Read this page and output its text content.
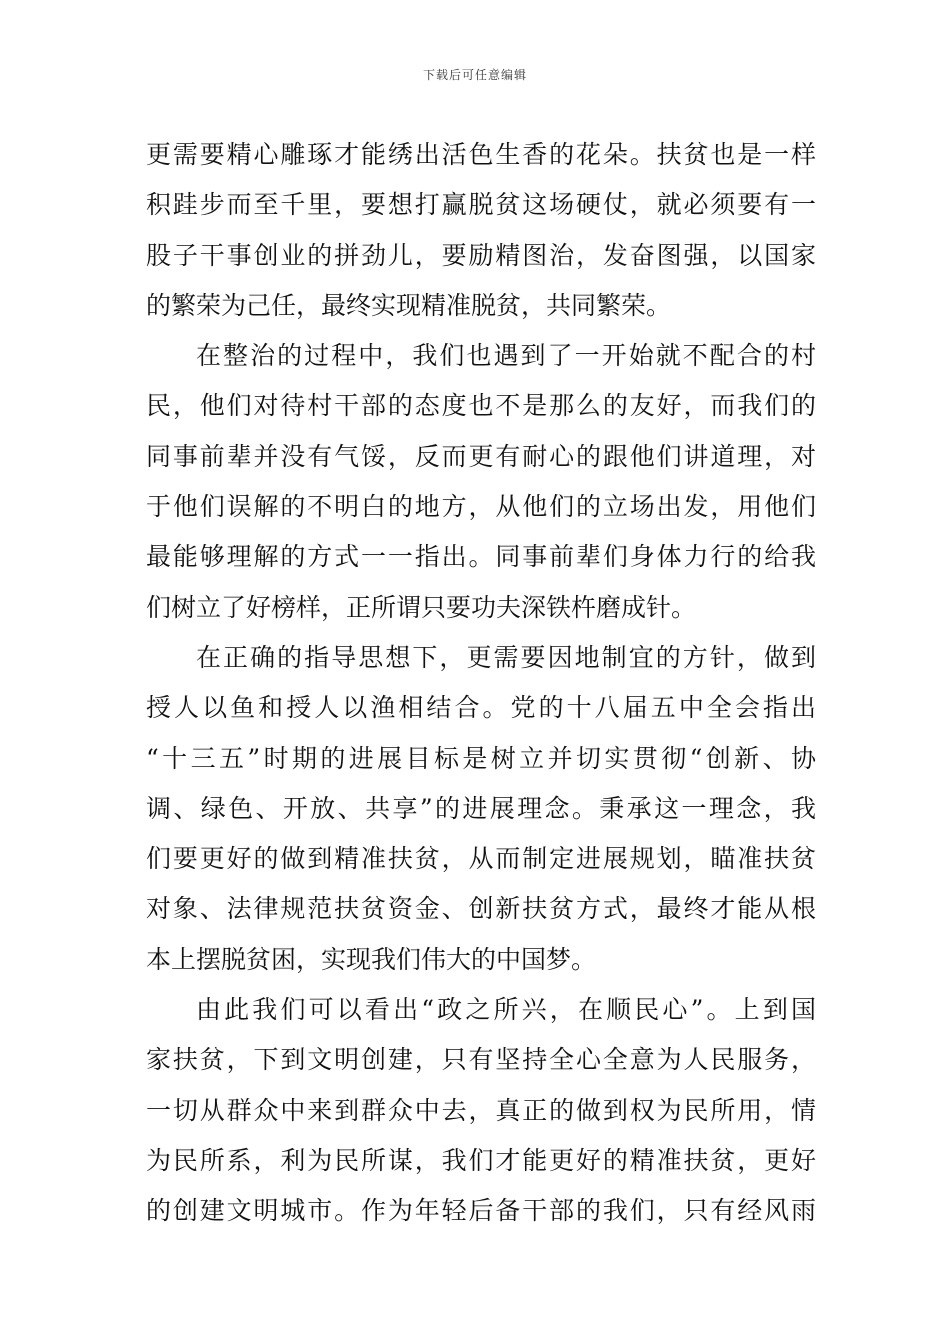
下载后可任意编辑
更需要精心雕琢才能绣出活色生香的花朵。扶贫也是一样
积跬步而至千里，要想打赢脱贫这场硬仗，就必须要有一
股子干事创业的拼劲儿，要励精图治，发奋图强，以国家
的繁荣为己任，最终实现精准脱贫，共同繁荣。
在整治的过程中，我们也遇到了一开始就不配合的村
民，他们对待村干部的态度也不是那么的友好，而我们的
同事前辈并没有气馁，反而更有耐心的跟他们讲道理，对
于他们误解的不明白的地方，从他们的立场出发，用他们
最能够理解的方式一一指出。同事前辈们身体力行的给我
们树立了好榜样，正所谓只要功夫深铁杵磨成针。
在正确的指导思想下，更需要因地制宜的方针，做到
授人以鱼和授人以渔相结合。党的十八届五中全会指出
“十三五”时期的进展目标是树立并切实贯彻“创新、协
调、绿色、开放、共享”的进展理念。秉承这一理念，我
们要更好的做到精准扶贫，从而制定进展规划，瞄准扶贫
对象、法律规范扶贫资金、创新扶贫方式，最终才能从根
本上摆脱贫困，实现我们伟大的中国梦。
由此我们可以看出“政之所兴，在顺民心”。上到国
家扶贫，下到文明创建，只有坚持全心全意为人民服务，
一切从群众中来到群众中去，真正的做到权为民所用，情
为民所系，利为民所谋，我们才能更好的精准扶贫，更好
的创建文明城市。作为年轻后备干部的我们，只有经风雨
